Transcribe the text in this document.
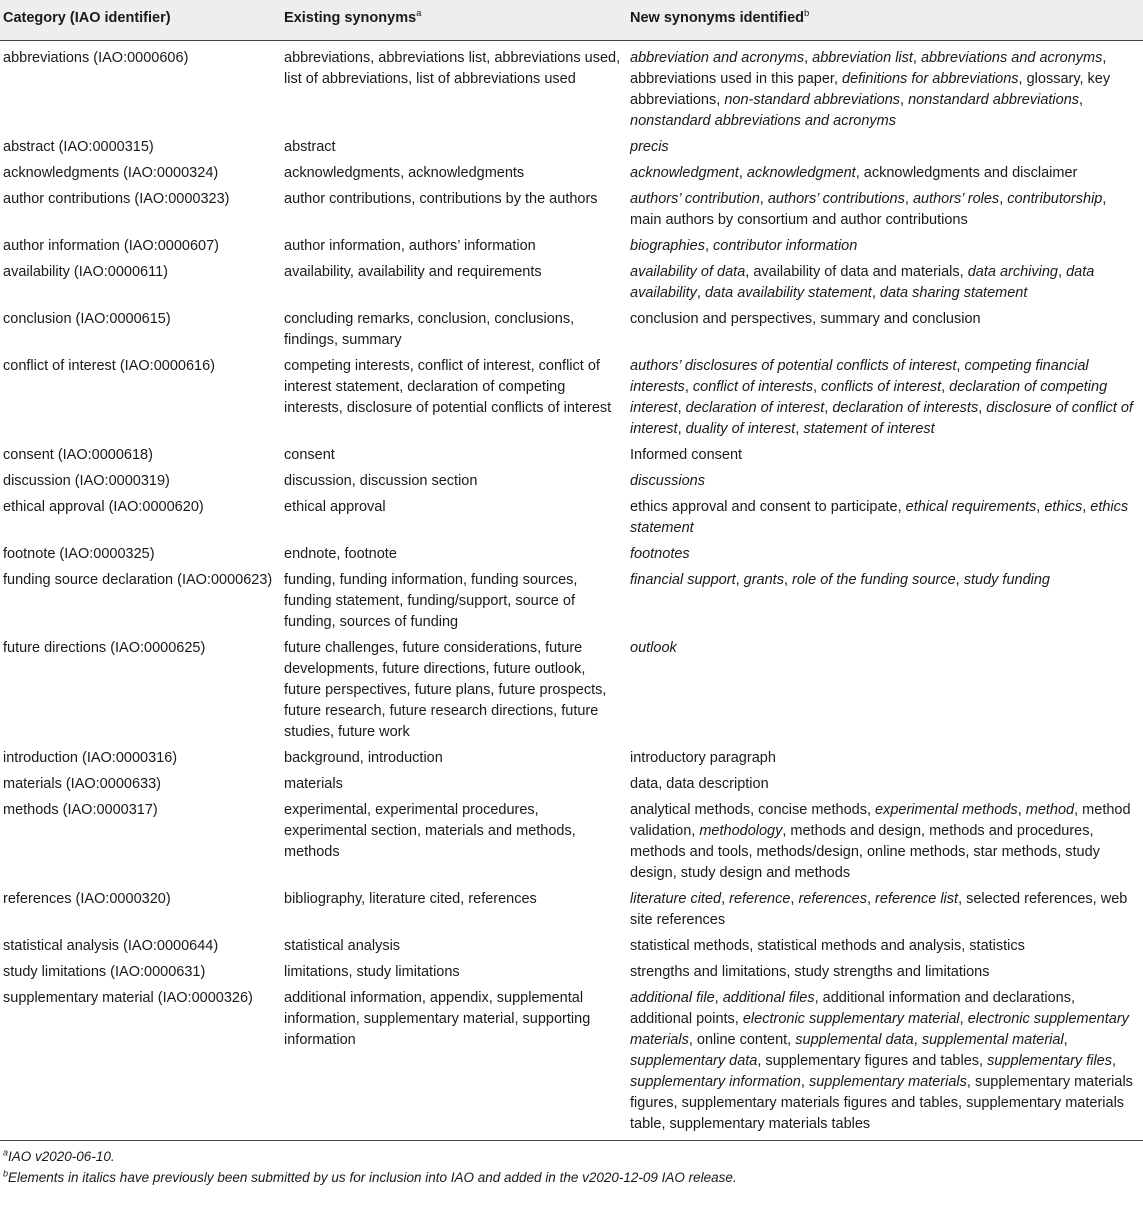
Category (IAO identifier)	Existing synonyms$^a$	New synonyms identified$^b$
abbreviations (IAO:0000606)	abbreviations, abbreviations list, abbreviations used, list of abbreviations, list of abbreviations used	abbreviation and acronyms, abbreviation list, abbreviations and acronyms, abbreviations used in this paper, definitions for abbreviations, glossary, key abbreviations, non-standard abbreviations, nonstandard abbreviations, nonstandard abbreviations and acronyms
abstract (IAO:0000315)	abstract	precis
acknowledgments (IAO:0000324)	acknowledgments, acknowledgments	acknowledgment, acknowledgment, acknowledgments and disclaimer
author contributions (IAO:0000323)	author contributions, contributions by the authors	authors’ contribution, authors’ contributions, authors’ roles, contributorship, main authors by consortium and author contributions
author information (IAO:0000607)	author information, authors’ information	biographies, contributor information
availability (IAO:0000611)	availability, availability and requirements	availability of data, availability of data and materials, data archiving, data availability, data availability statement, data sharing statement
conclusion (IAO:0000615)	concluding remarks, conclusion, conclusions, findings, summary	conclusion and perspectives, summary and conclusion
conflict of interest (IAO:0000616)	competing interests, conflict of interest, conflict of interest statement, declaration of competing interests, disclosure of potential conflicts of interest	authors’ disclosures of potential conflicts of interest, competing financial interests, conflict of interests, conflicts of interest, declaration of competing interest, declaration of interest, declaration of interests, disclosure of conflict of interest, duality of interest, statement of interest
consent (IAO:0000618)	consent	Informed consent
discussion (IAO:0000319)	discussion, discussion section	discussions
ethical approval (IAO:0000620)	ethical approval	ethics approval and consent to participate, ethical requirements, ethics, ethics statement
footnote (IAO:0000325)	endnote, footnote	footnotes
funding source declaration (IAO:0000623)	funding, funding information, funding sources, funding statement, funding/support, source of funding, sources of funding	financial support, grants, role of the funding source, study funding
future directions (IAO:0000625)	future challenges, future considerations, future developments, future directions, future outlook, future perspectives, future plans, future prospects, future research, future research directions, future studies, future work	outlook
introduction (IAO:0000316)	background, introduction	introductory paragraph
materials (IAO:0000633)	materials	data, data description
methods (IAO:0000317)	experimental, experimental procedures, experimental section, materials and methods, methods	analytical methods, concise methods, experimental methods, method, method validation, methodology, methods and design, methods and procedures, methods and tools, methods/design, online methods, star methods, study design, study design and methods
references (IAO:0000320)	bibliography, literature cited, references	literature cited, reference, references, reference list, selected references, web site references
statistical analysis (IAO:0000644)	statistical analysis	statistical methods, statistical methods and analysis, statistics
study limitations (IAO:0000631)	limitations, study limitations	strengths and limitations, study strengths and limitations
supplementary material (IAO:0000326)	additional information, appendix, supplemental information, supplementary material, supporting information	additional file, additional files, additional information and declarations, additional points, electronic supplementary material, electronic supplementary materials, online content, supplemental data, supplemental material, supplementary data, supplementary figures and tables, supplementary files, supplementary information, supplementary materials, supplementary materials figures, supplementary materials figures and tables, supplementary materials table, supplementary materials tables
$^a$IAO v2020-06-10.
$^b$Elements in italics have previously been submitted by us for inclusion into IAO and added in the v2020-12-09 IAO release.
